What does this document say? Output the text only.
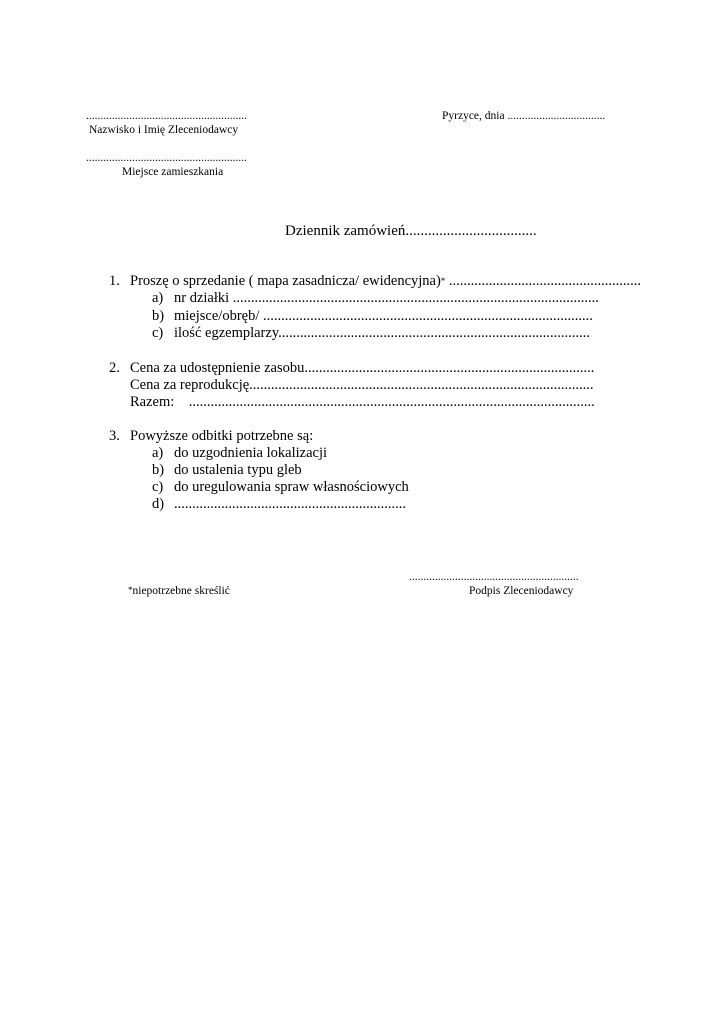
........................................................
Nazwisko i Imię Zleceniodawcy
........................................................
Miejsce zamieszkania
Pyrzyce, dnia ..................................
Dziennik zamówień...................................
1. Proszę o sprzedanie ( mapa zasadnicza/ ewidencyjna)* .....................................................
a) nr działki .....................................................................................................
b) miejsce/obręb/ ...........................................................................................
c) ilość egzemplarzy......................................................................................
2. Cena za udostępnienie zasobu................................................................................
Cena za reprodukcję...............................................................................................
Razem:    ................................................................................................................
3. Powyższe odbitki potrzebne są:
a) do uzgodnienia lokalizacji
b) do ustalenia typu gleb
c) do uregulowania spraw własnościowych
d) ................................................................
...........................................................
*niepotrzebne skreślić	Podpis Zleceniodawcy
